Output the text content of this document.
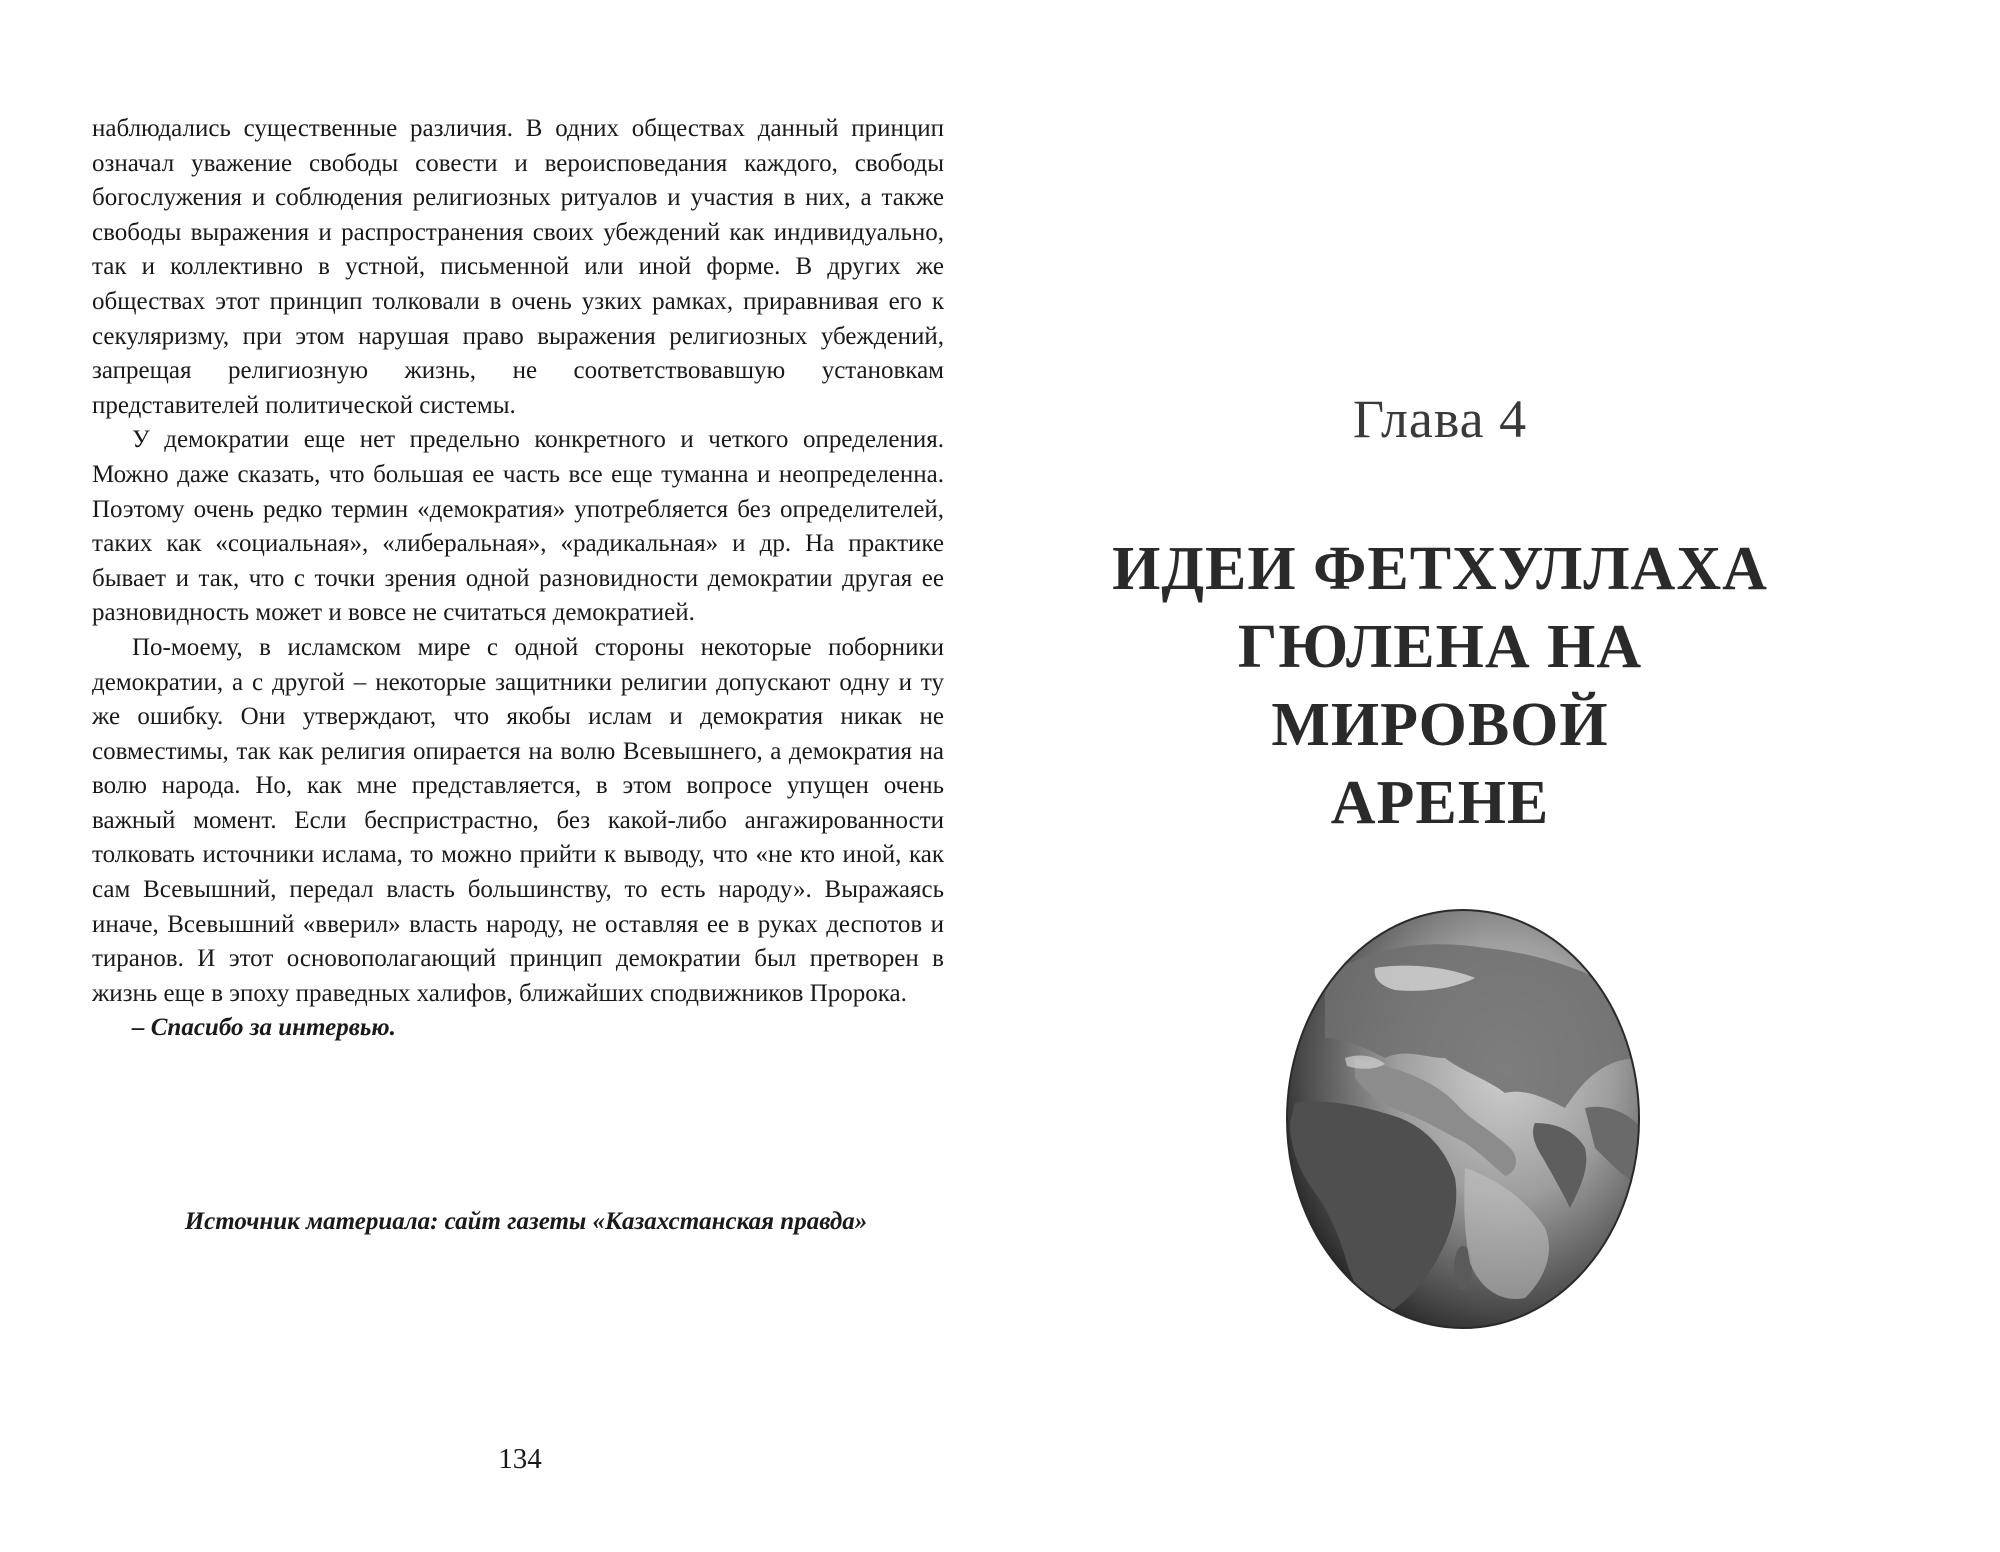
наблюдались существенные различия. В одних обществах данный принцип означал уважение свободы совести и вероисповедания каждого, свободы богослужения и соблюдения религиозных ритуалов и участия в них, а также свободы выражения и распространения своих убеждений как индивидуально, так и коллективно в устной, письменной или иной форме. В других же обществах этот принцип толковали в очень узких рамках, приравнивая его к секуляризму, при этом нарушая право выражения религиозных убеждений, запрещая религиозную жизнь, не соответствовавшую установкам представителей политической системы.

У демократии еще нет предельно конкретного и четкого определения. Можно даже сказать, что большая ее часть все еще туманна и неопределенна. Поэтому очень редко термин «демократия» употребляется без определителей, таких как «социальная», «либеральная», «радикальная» и др. На практике бывает и так, что с точки зрения одной разновидности демократии другая ее разновидность может и вовсе не считаться демократией.

По-моему, в исламском мире с одной стороны некоторые поборники демократии, а с другой – некоторые защитники религии допускают одну и ту же ошибку. Они утверждают, что якобы ислам и демократия никак не совместимы, так как религия опирается на волю Всевышнего, а демократия на волю народа. Но, как мне представляется, в этом вопросе упущен очень важный момент. Если беспристрастно, без какой-либо ангажированности толковать источники ислама, то можно прийти к выводу, что «не кто иной, как сам Всевышний, передал власть большинству, то есть народу». Выражаясь иначе, Всевышний «вверил» власть народу, не оставляя ее в руках деспотов и тиранов. И этот основополагающий принцип демократии был претворен в жизнь еще в эпоху праведных халифов, ближайших сподвижников Пророка.

– Спасибо за интервью.

Источник материала: сайт газеты «Казахстанская правда»
134
Глава 4
ИДЕИ ФЕТХУЛЛАХА
ГЮЛЕНА НА МИРОВОЙ
АРЕНЕ
